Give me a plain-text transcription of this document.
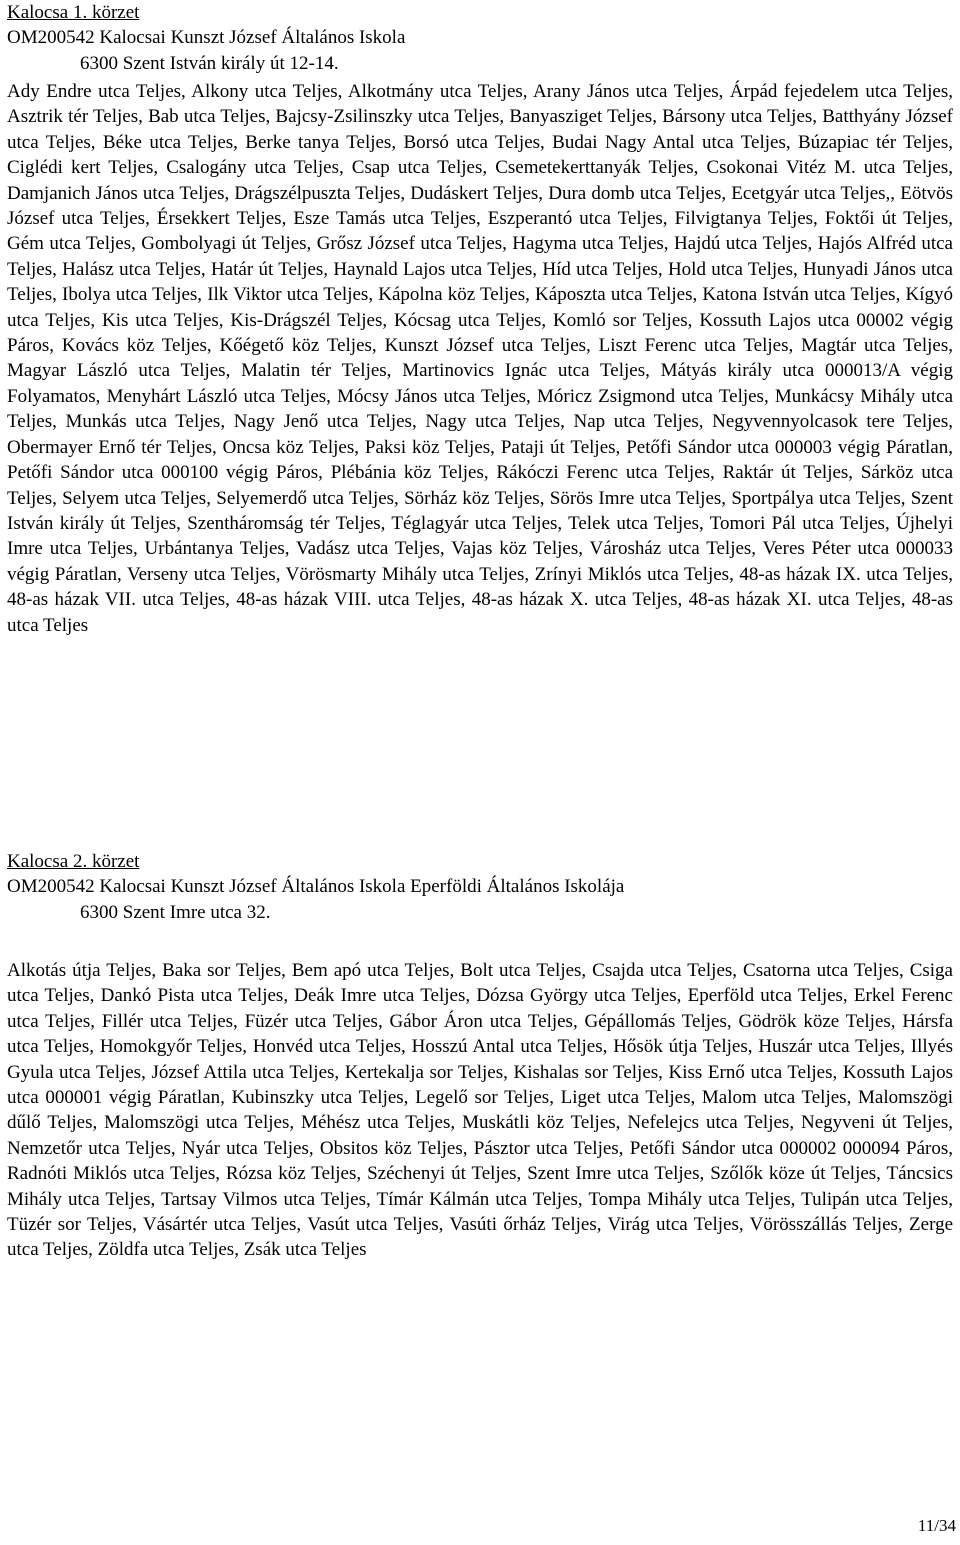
Kalocsa 1. körzet
OM200542 Kalocsai Kunszt József Általános Iskola
6300 Szent István király út 12-14.

Ady Endre utca Teljes, Alkony utca Teljes, Alkotmány utca Teljes, Arany János utca Teljes, Árpád fejedelem utca Teljes, Asztrik tér Teljes, Bab utca Teljes, Bajcsy-Zsilinszky utca Teljes, Banyasziget Teljes, Bársony utca Teljes, Batthyány József utca Teljes, Béke utca Teljes, Berke tanya Teljes, Borsó utca Teljes, Budai Nagy Antal utca Teljes, Búzapiac tér Teljes, Ciglédi kert Teljes, Csalogány utca Teljes, Csap utca Teljes, Csemetekerttanyák Teljes, Csokonai Vitéz M. utca Teljes, Damjanich János utca Teljes, Drágszélpuszta Teljes, Dudáskert Teljes, Dura domb utca Teljes, Ecetgyár utca Teljes,, Eötvös József utca Teljes, Érsekkert Teljes, Esze Tamás utca Teljes, Eszperantó utca Teljes, Filvigtanya Teljes, Foktői út Teljes, Gém utca Teljes, Gombolyagi út Teljes, Grősz József utca Teljes, Hagyma utca Teljes, Hajdú utca Teljes, Hajós Alfréd utca Teljes, Halász utca Teljes, Határ út Teljes, Haynald Lajos utca Teljes, Híd utca Teljes, Hold utca Teljes, Hunyadi János utca Teljes, Ibolya utca Teljes, Ilk Viktor utca Teljes, Kápolna köz Teljes, Káposzta utca Teljes, Katona István utca Teljes, Kígyó utca Teljes, Kis utca Teljes, Kis-Drágszél Teljes, Kócsag utca Teljes, Komló sor Teljes, Kossuth Lajos utca 00002 végig Páros, Kovács köz Teljes, Kőégető köz Teljes, Kunszt József utca Teljes, Liszt Ferenc utca Teljes, Magtár utca Teljes, Magyar László utca Teljes, Malatin tér Teljes, Martinovics Ignác utca Teljes, Mátyás király utca 000013/A végig Folyamatos, Menyhárt László utca Teljes, Mócsy János utca Teljes, Móricz Zsigmond utca Teljes, Munkácsy Mihály utca Teljes, Munkás utca Teljes, Nagy Jenő utca Teljes, Nagy utca Teljes, Nap utca Teljes, Negyvennyolcasok tere Teljes, Obermayer Ernő tér Teljes, Oncsa köz Teljes, Paksi köz Teljes, Pataji út Teljes, Petőfi Sándor utca 000003 végig Páratlan, Petőfi Sándor utca 000100 végig Páros, Plébánia köz Teljes, Rákóczi Ferenc utca Teljes, Raktár út Teljes, Sárköz utca Teljes, Selyem utca Teljes, Selyemerdő utca Teljes, Sörház köz Teljes, Sörös Imre utca Teljes, Sportpálya utca Teljes, Szent István király út Teljes, Szentháromság tér Teljes, Téglagyár utca Teljes, Telek utca Teljes, Tomori Pál utca Teljes, Újhelyi Imre utca Teljes, Urbántanya Teljes, Vadász utca Teljes, Vajas köz Teljes, Városház utca Teljes, Veres Péter utca 000033 végig Páratlan, Verseny utca Teljes, Vörösmarty Mihály utca Teljes, Zrínyi Miklós utca Teljes, 48-as házak IX. utca Teljes, 48-as házak VII. utca Teljes, 48-as házak VIII. utca Teljes, 48-as házak X. utca Teljes, 48-as házak XI. utca Teljes, 48-as utca Teljes

Kalocsa 2. körzet
OM200542 Kalocsai Kunszt József Általános Iskola Eperföldi Általános Iskolája
6300 Szent Imre utca 32.

Alkotás útja Teljes, Baka sor Teljes, Bem apó utca Teljes, Bolt utca Teljes, Csajda utca Teljes, Csatorna utca Teljes, Csiga utca Teljes, Dankó Pista utca Teljes, Deák Imre utca Teljes, Dózsa György utca Teljes, Eperföld utca Teljes, Erkel Ferenc utca Teljes, Fillér utca Teljes, Füzér utca Teljes, Gábor Áron utca Teljes, Gépállomás Teljes, Gödrök köze Teljes, Hársfa utca Teljes, Homokgyőr Teljes, Honvéd utca Teljes, Hosszú Antal utca Teljes, Hősök útja Teljes, Huszár utca Teljes, Illyés Gyula utca Teljes, József Attila utca Teljes, Kertekalja sor Teljes, Kishalas sor Teljes, Kiss Ernő utca Teljes, Kossuth Lajos utca 000001 végig Páratlan, Kubinszky utca Teljes, Legelő sor Teljes, Liget utca Teljes, Malom utca Teljes, Malomszögi dűlő Teljes, Malomszögi utca Teljes, Méhész utca Teljes, Muskátli köz Teljes, Nefelejcs utca Teljes, Negyveni út Teljes, Nemzetőr utca Teljes, Nyár utca Teljes, Obsitos köz Teljes, Pásztor utca Teljes, Petőfi Sándor utca 000002 000094 Páros, Radnóti Miklós utca Teljes, Rózsa köz Teljes, Széchenyi út Teljes, Szent Imre utca Teljes, Szőlők köze út Teljes, Táncsics Mihály utca Teljes, Tartsay Vilmos utca Teljes, Tímár Kálmán utca Teljes, Tompa Mihály utca Teljes, Tulipán utca Teljes, Tüzér sor Teljes, Vásártér utca Teljes, Vasút utca Teljes, Vasúti őrház Teljes, Virág utca Teljes, Vörösszállás Teljes, Zerge utca Teljes, Zöldfa utca Teljes, Zsák utca Teljes

11/34
